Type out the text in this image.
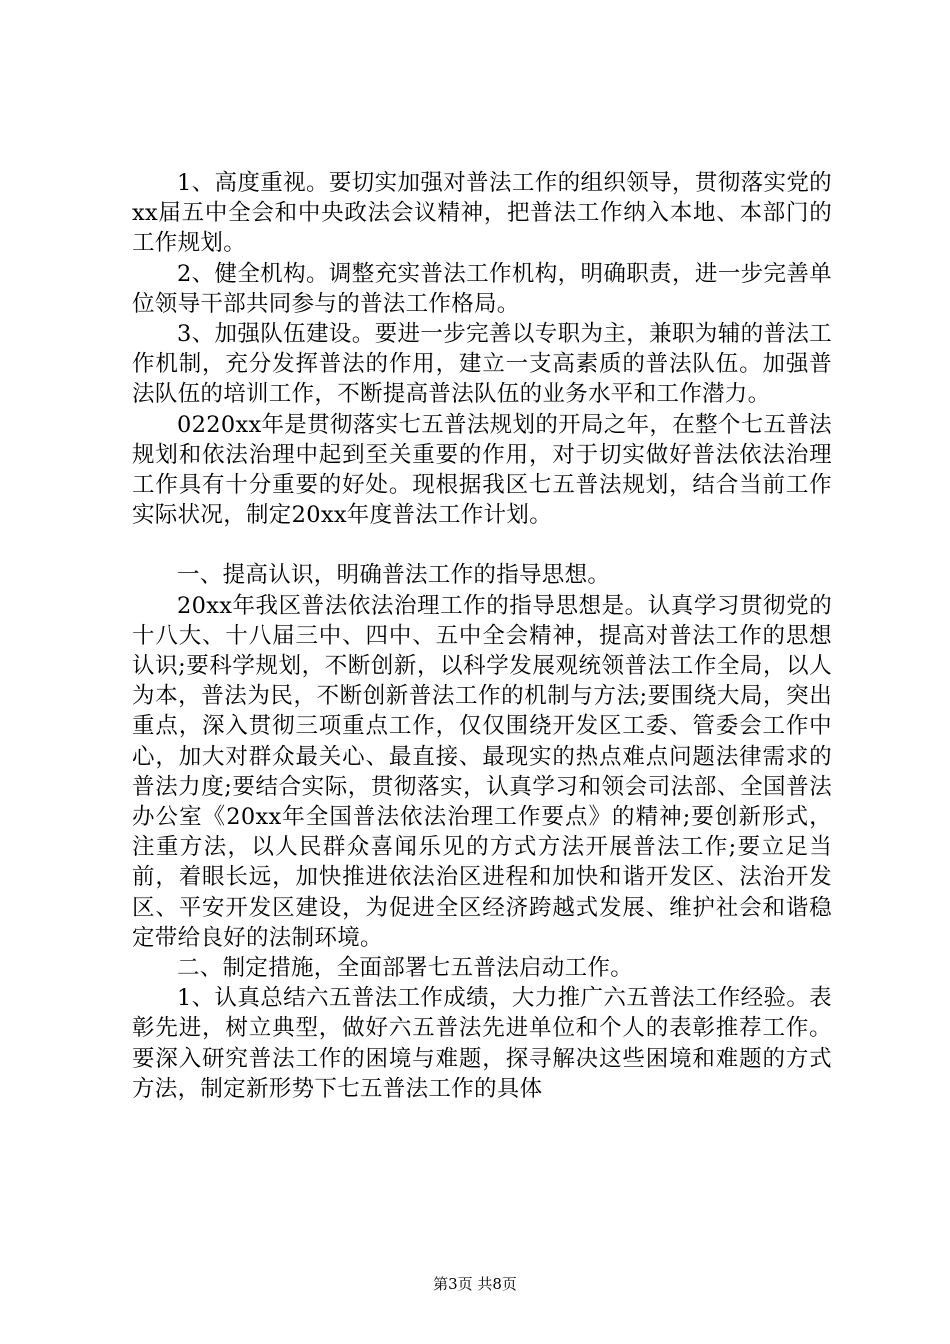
1、高度重视。要切实加强对普法工作的组织领导，贯彻落实党的xx届五中全会和中央政法会议精神，把普法工作纳入本地、本部门的工作规划。

2、健全机构。调整充实普法工作机构，明确职责，进一步完善单位领导干部共同参与的普法工作格局。

3、加强队伍建设。要进一步完善以专职为主，兼职为辅的普法工作机制，充分发挥普法的作用，建立一支高素质的普法队伍。加强普法队伍的培训工作，不断提高普法队伍的业务水平和工作潜力。

0220xx年是贯彻落实七五普法规划的开局之年，在整个七五普法规划和依法治理中起到至关重要的作用，对于切实做好普法依法治理工作具有十分重要的好处。现根据我区七五普法规划，结合当前工作实际状况，制定20xx年度普法工作计划。

一、提高认识，明确普法工作的指导思想。

20xx年我区普法依法治理工作的指导思想是。认真学习贯彻党的十八大、十八届三中、四中、五中全会精神，提高对普法工作的思想认识;要科学规划，不断创新，以科学发展观统领普法工作全局，以人为本，普法为民，不断创新普法工作的机制与方法;要围绕大局，突出重点，深入贯彻三项重点工作，仅仅围绕开发区工委、管委会工作中心，加大对群众最关心、最直接、最现实的热点难点问题法律需求的普法力度;要结合实际，贯彻落实，认真学习和领会司法部、全国普法办公室《20xx年全国普法依法治理工作要点》的精神;要创新形式，注重方法，以人民群众喜闻乐见的方式方法开展普法工作;要立足当前，着眼长远，加快推进依法治区进程和加快和谐开发区、法治开发区、平安开发区建设，为促进全区经济跨越式发展、维护社会和谐稳定带给良好的法制环境。

二、制定措施，全面部署七五普法启动工作。

1、认真总结六五普法工作成绩，大力推广六五普法工作经验。表彰先进，树立典型，做好六五普法先进单位和个人的表彰推荐工作。要深入研究普法工作的困境与难题，探寻解决这些困境和难题的方式方法，制定新形势下七五普法工作的具体

第3页 共8页
